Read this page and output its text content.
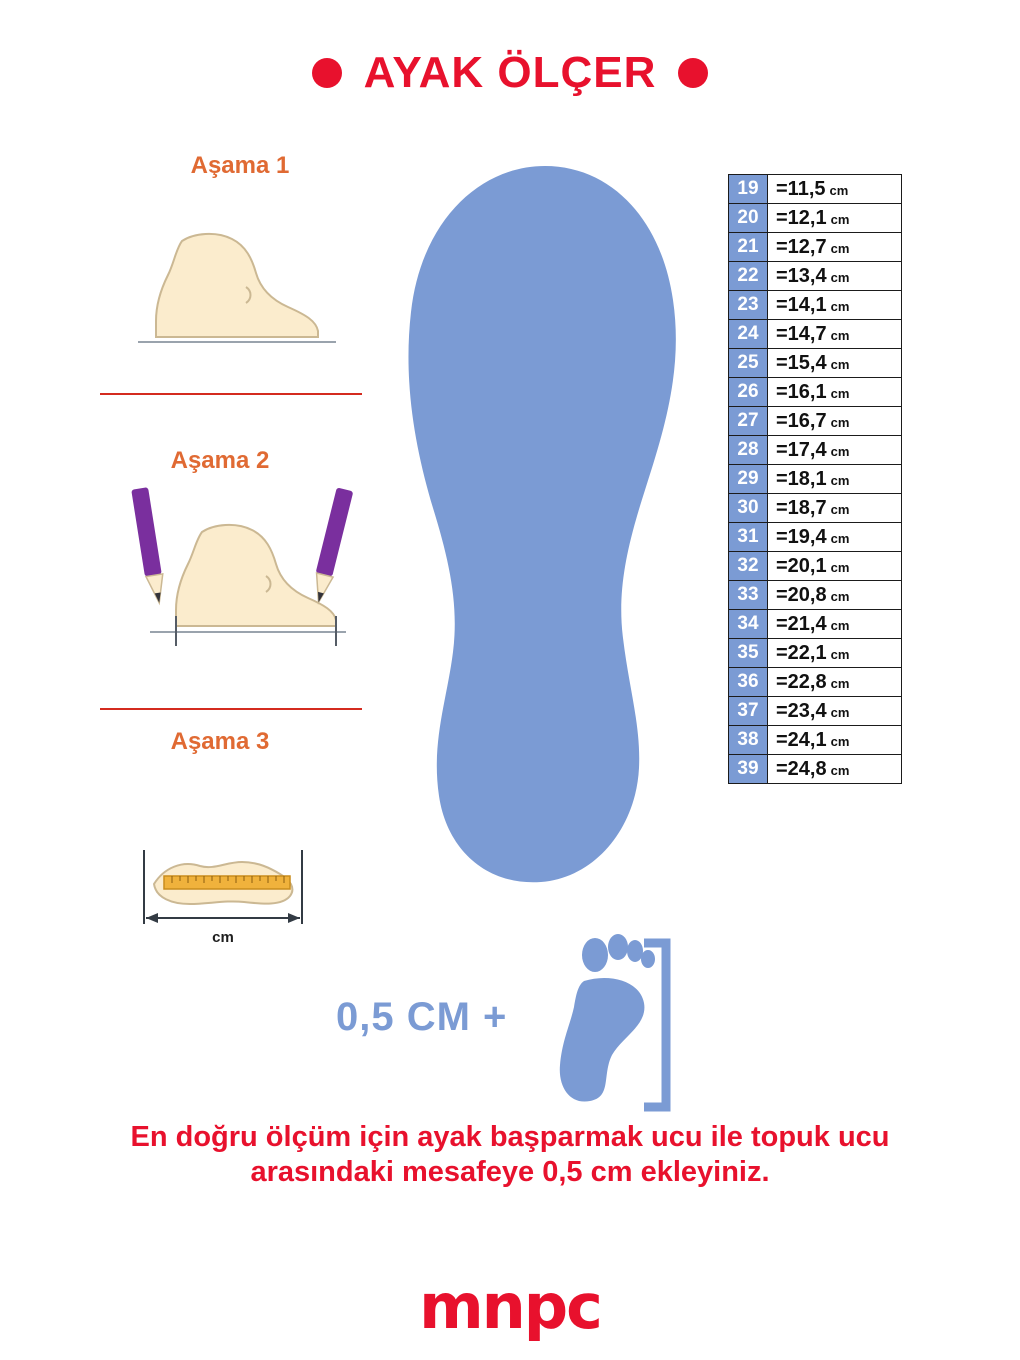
AYAK ÖLÇER
Aşama 1
Aşama 2
Aşama 3
cm
19	=11,5 cm
20	=12,1 cm
21	=12,7 cm
22	=13,4 cm
23	=14,1 cm
24	=14,7 cm
25	=15,4 cm
26	=16,1 cm
27	=16,7 cm
28	=17,4 cm
29	=18,1 cm
30	=18,7 cm
31	=19,4 cm
32	=20,1 cm
33	=20,8 cm
34	=21,4 cm
35	=22,1 cm
36	=22,8 cm
37	=23,4 cm
38	=24,1 cm
39	=24,8 cm
0,5 CM +
En doğru ölçüm için ayak başparmak ucu ile topuk ucu arasındaki mesafeye 0,5 cm ekleyiniz.
mnpc
